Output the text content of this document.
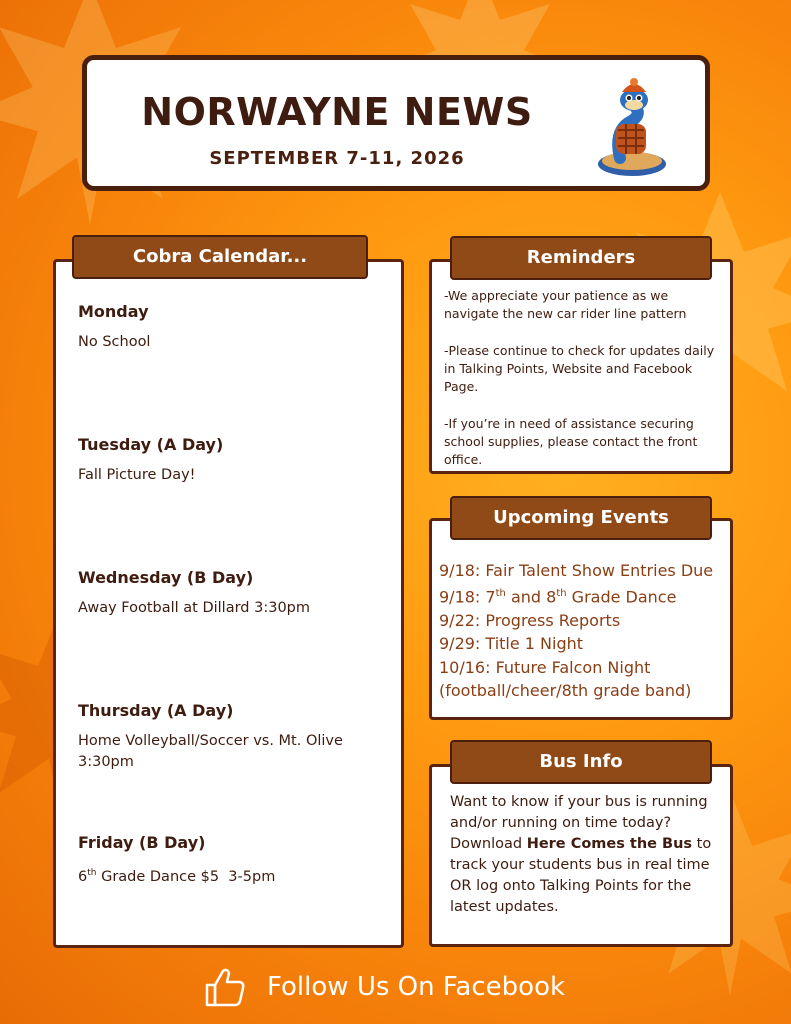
NORWAYNE NEWS
SEPTEMBER 7-11, 2026
Monday
No School
Tuesday (A Day)
Fall Picture Day!
Wednesday (B Day)
Away Football at Dillard 3:30pm
Thursday (A Day)
Home Volleyball/Soccer vs. Mt. Olive 3:30pm
Friday (B Day)
6th Grade Dance $5  3-5pm
Cobra Calendar...
-We appreciate your patience as we navigate the new car rider line pattern
-Please continue to check for updates daily in Talking Points, Website and Facebook Page.
-If you’re in need of assistance securing school supplies, please contact the front office.
Reminders
9/18: Fair Talent Show Entries Due
9/18: 7th and 8th Grade Dance
9/22: Progress Reports
9/29: Title 1 Night
10/16: Future Falcon Night
(football/cheer/8th grade band)
Upcoming Events
Want to know if your bus is running and/or running on time today?
Download Here Comes the Bus to track your students bus in real time OR log onto Talking Points for the latest updates.
Bus Info
Follow Us On Facebook
